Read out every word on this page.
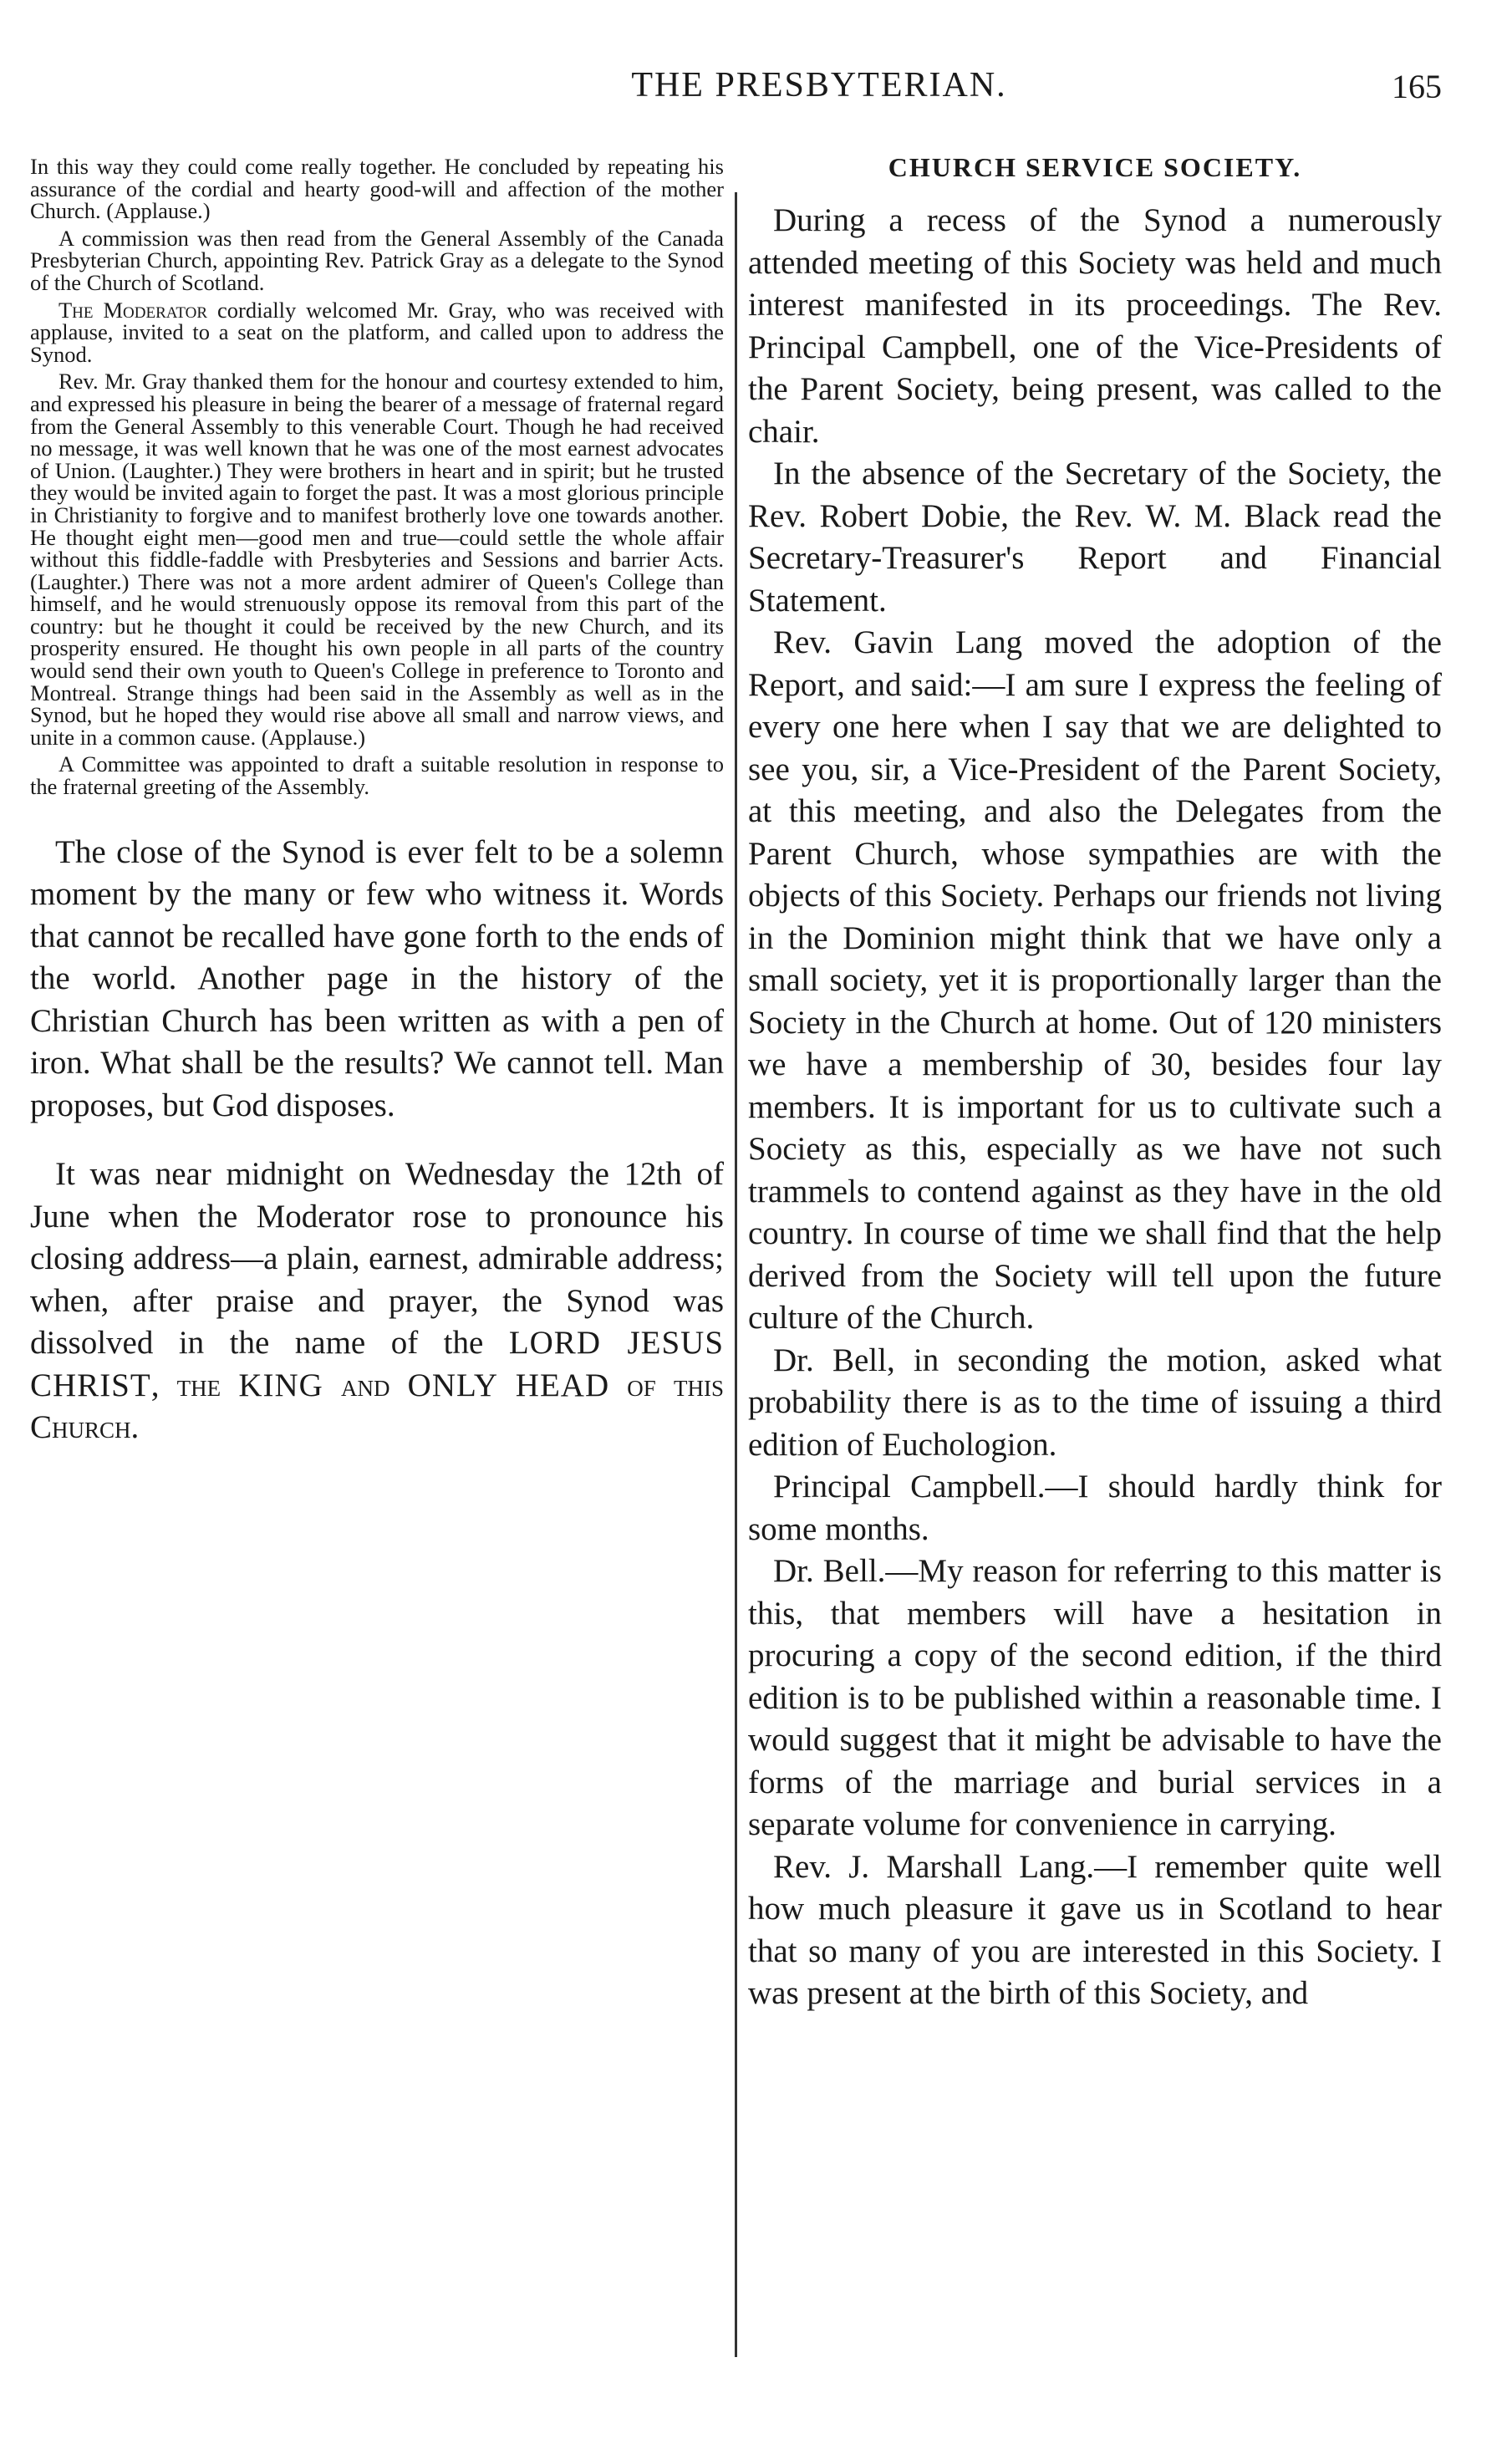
THE PRESBYTERIAN.	165

In this way they could come really together. He concluded by repeating his assurance of the cordial and hearty good-will and affection of the mother Church. (Applause.)

A commission was then read from the General Assembly of the Canada Presbyterian Church, appointing Rev. Patrick Gray as a delegate to the Synod of the Church of Scotland.

The Moderator cordially welcomed Mr. Gray, who was received with applause, invited to a seat on the platform, and called upon to address the Synod.

Rev. Mr. Gray thanked them for the honour and courtesy extended to him, and expressed his pleasure in being the bearer of a message of fraternal regard from the General Assembly to this venerable Court. Though he had received no message, it was well known that he was one of the most earnest advocates of Union. (Laughter.) They were brothers in heart and in spirit; but he trusted they would be invited again to forget the past. It was a most glorious principle in Christianity to forgive and to manifest brotherly love one towards another. He thought eight men—good men and true—could settle the whole affair without this fiddle-faddle with Presbyteries and Sessions and barrier Acts. (Laughter.) There was not a more ardent admirer of Queen's College than himself, and he would strenuously oppose its removal from this part of the country: but he thought it could be received by the new Church, and its prosperity ensured. He thought his own people in all parts of the country would send their own youth to Queen's College in preference to Toronto and Montreal. Strange things had been said in the Assembly as well as in the Synod, but he hoped they would rise above all small and narrow views, and unite in a common cause. (Applause.)

A Committee was appointed to draft a suitable resolution in response to the fraternal greeting of the Assembly.

The close of the Synod is ever felt to be a solemn moment by the many or few who witness it. Words that cannot be recalled have gone forth to the ends of the world. Another page in the history of the Christian Church has been written as with a pen of iron. What shall be the results? We cannot tell. Man proposes, but God disposes.

It was near midnight on Wednesday the 12th of June when the Moderator rose to pronounce his closing address—a plain, earnest, admirable address; when, after praise and prayer, the Synod was dissolved in the name of the LORD JESUS CHRIST, the KING and ONLY HEAD of this Church.

CHURCH SERVICE SOCIETY.

During a recess of the Synod a numerously attended meeting of this Society was held and much interest manifested in its proceedings. The Rev. Principal Campbell, one of the Vice-Presidents of the Parent Society, being present, was called to the chair.

In the absence of the Secretary of the Society, the Rev. Robert Dobie, the Rev. W. M. Black read the Secretary-Treasurer's Report and Financial Statement.

Rev. Gavin Lang moved the adoption of the Report, and said:—I am sure I express the feeling of every one here when I say that we are delighted to see you, sir, a Vice-President of the Parent Society, at this meeting, and also the Delegates from the Parent Church, whose sympathies are with the objects of this Society. Perhaps our friends not living in the Dominion might think that we have only a small society, yet it is proportionally larger than the Society in the Church at home. Out of 120 ministers we have a membership of 30, besides four lay members. It is important for us to cultivate such a Society as this, especially as we have not such trammels to contend against as they have in the old country. In course of time we shall find that the help derived from the Society will tell upon the future culture of the Church.

Dr. Bell, in seconding the motion, asked what probability there is as to the time of issuing a third edition of Euchologion.

Principal Campbell.—I should hardly think for some months.

Dr. Bell.—My reason for referring to this matter is this, that members will have a hesitation in procuring a copy of the second edition, if the third edition is to be published within a reasonable time. I would suggest that it might be advisable to have the forms of the marriage and burial services in a separate volume for convenience in carrying.

Rev. J. Marshall Lang.—I remember quite well how much pleasure it gave us in Scotland to hear that so many of you are interested in this Society. I was present at the birth of this Society, and
